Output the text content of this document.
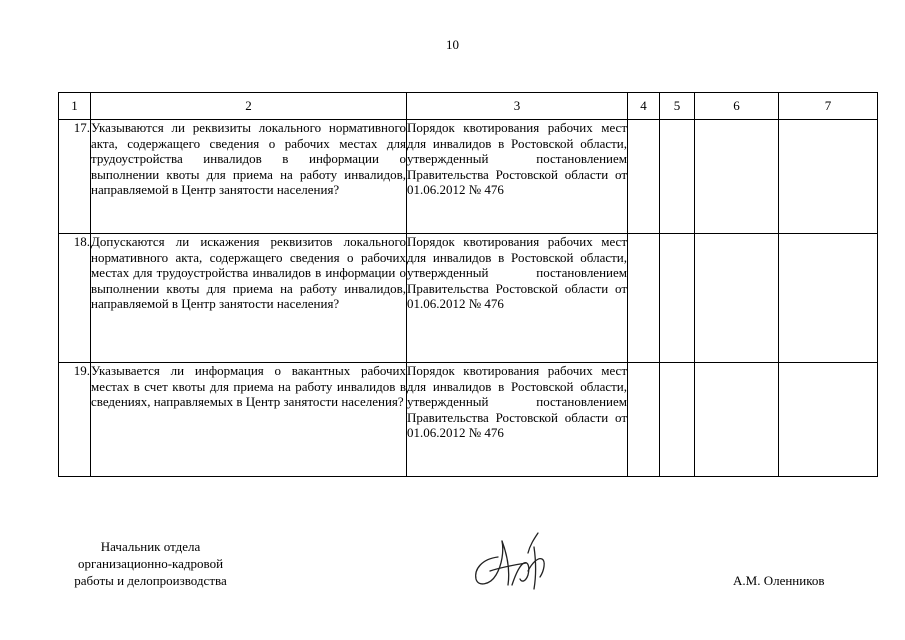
10
1	2	3	4	5	6	7
17.	Указываются ли реквизиты локального нормативного акта, содержащего сведения о рабочих местах для трудоустройства инвалидов в информации о выполнении квоты для приема на работу инвалидов, направляемой в Центр занятости населения?	Порядок квотирования рабочих мест для инвалидов в Ростовской области, утвержденный постановлением Правительства Ростовской области от 01.06.2012 № 476				
18.	Допускаются ли искажения реквизитов локального нормативного акта, содержащего сведения о рабочих местах для трудоустройства инвалидов в информации о выполнении квоты для приема на работу инвалидов, направляемой в Центр занятости населения?	Порядок квотирования рабочих мест для инвалидов в Ростовской области, утвержденный постановлением Правительства Ростовской области от 01.06.2012 № 476				
19.	Указывается ли информация о вакантных рабочих местах в счет квоты для приема на работу инвалидов в сведениях, направляемых в Центр занятости населения?	Порядок квотирования рабочих мест для инвалидов в Ростовской области, утвержденный постановлением Правительства Ростовской области от 01.06.2012 № 476				
Начальник отдела
организационно-кадровой
работы и делопроизводства	А.М. Оленников
